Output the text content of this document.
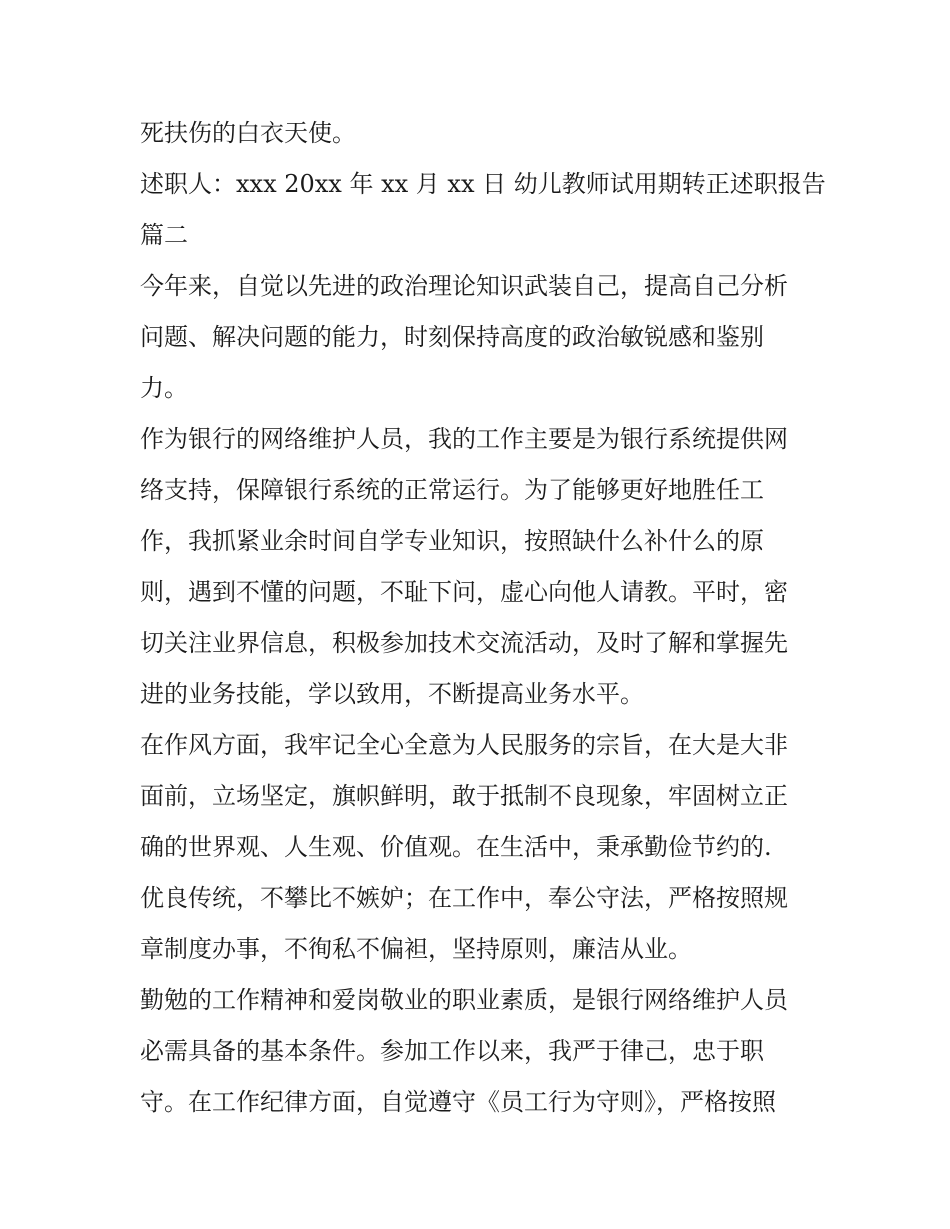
死扶伤的白衣天使。
述职人：xxx 20xx 年 xx 月 xx 日 幼儿教师试用期转正述职报告
篇二
今年来，自觉以先进的政治理论知识武装自己，提高自己分析
问题、解决问题的能力，时刻保持高度的政治敏锐感和鉴别
力。
作为银行的网络维护人员，我的工作主要是为银行系统提供网
络支持，保障银行系统的正常运行。为了能够更好地胜任工
作，我抓紧业余时间自学专业知识，按照缺什么补什么的原
则，遇到不懂的问题，不耻下问，虚心向他人请教。平时，密
切关注业界信息，积极参加技术交流活动，及时了解和掌握先
进的业务技能，学以致用，不断提高业务水平。
在作风方面，我牢记全心全意为人民服务的宗旨，在大是大非
面前，立场坚定，旗帜鲜明，敢于抵制不良现象，牢固树立正
确的世界观、人生观、价值观。在生活中，秉承勤俭节约的.
优良传统，不攀比不嫉妒；在工作中，奉公守法，严格按照规
章制度办事，不徇私不偏袒，坚持原则，廉洁从业。
勤勉的工作精神和爱岗敬业的职业素质，是银行网络维护人员
必需具备的基本条件。参加工作以来，我严于律己，忠于职
守。在工作纪律方面，自觉遵守《员工行为守则》，严格按照
